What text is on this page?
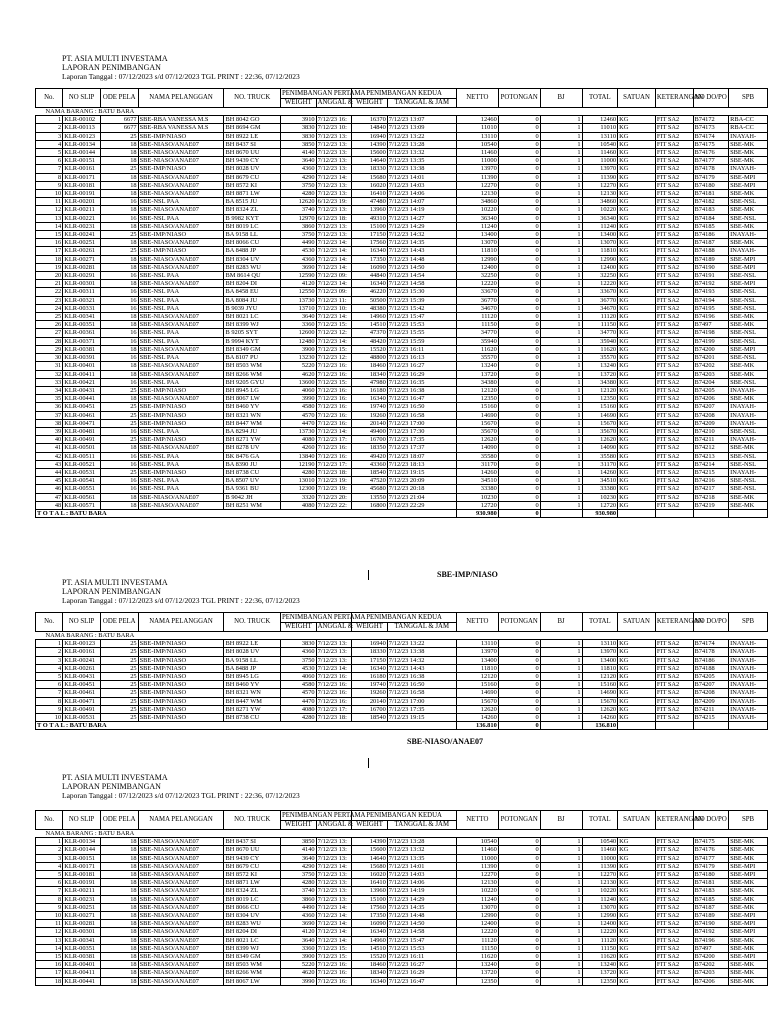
PT. ASIA MULTI INVESTAMA
LAPORAN PENIMBANGAN
Laporan Tanggal : 07/12/2023 s/d 07/12/2023 TGL PRINT : 22:36, 07/12/2023
No.	NO SLIP	ODE PELA	NAMA PELANGGAN	NO. TRUCK	PENIMBANGAN PERTAMA		PENIMBANGAN KEDUA		NETTO	POTONGAN	BJ	TOTAL	SATUAN	KETERANGAN	NO DO/PO	SPB
					WEIGHT	ANGGAL &	WEIGHT	TANGGAL & JAM								
NAMA BARANG : BATU BARA																
1	KLR-00102	6677	SBE-RBA VANESSA M.S	BH 8042 GO	3910	7/12/23 16:	16370	7/12/23 13:07	12460	0	1	12460	KG	FIT SA2	B74172	RBA-CC
2	KLR-00113	6677	SBE-RBA VANESSA M.S	BH 8694 GM	3830	7/12/23 10:	14840	7/12/23 13:09	11010	0	1	11010	KG	FIT SA2	B74173	RBA-CC
3	KLR-00123	25	SBE-IMP/NIASO	BH 8922 LE	3830	7/12/23 13:	16940	7/12/23 13:22	13110	0	1	13110	KG	FIT SA2	B74174	INAYAH-
4	KLR-00134	18	SBE-NIASO/ANAE07	BH 8437 SI	3850	7/12/23 13:	14390	7/12/23 13:28	10540	0	1	10540	KG	FIT SA2	B74175	SBE-MK
5	KLR-00144	18	SBE-NIASO/ANAE07	BH 8670 UU	4140	7/12/23 13:	15600	7/12/23 13:32	11460	0	1	11460	KG	FIT SA2	B74176	SBE-MK
6	KLR-00151	18	SBE-NIASO/ANAE07	BH 9439 CY	3640	7/12/23 13:	14640	7/12/23 13:35	11000	0	1	11000	KG	FIT SA2	B74177	SBE-MK
7	KLR-00161	25	SBE-IMP/NIASO	BH 8028 UV	4360	7/12/23 13:	18330	7/12/23 13:38	13970	0	1	13970	KG	FIT SA2	B74178	INAYAH-
8	KLR-00171	18	SBE-NIASO/ANAE07	BH 8679 CU	4290	7/12/23 14:	15680	7/12/23 14:01	11390	0	1	11390	KG	FIT SA2	B74179	SBE-MPI
9	KLR-00181	18	SBE-NIASO/ANAE07	BH 8572 KI	3750	7/12/23 13:	16020	7/12/23 14:03	12270	0	1	12270	KG	FIT SA2	B74180	SBE-MPI
10	KLR-00191	18	SBE-NIASO/ANAE07	BH 8871 LW	4280	7/12/23 13:	16410	7/12/23 14:06	12130	0	1	12130	KG	FIT SA2	B74181	SBE-MK
11	KLR-00201	16	SBE-NSL PAA	BA 8515 JU	12620	6/12/23 19:	47480	7/12/23 14:07	34860	0	1	34860	KG	FIT SA2	B74182	SBE-NSL
12	KLR-00211	18	SBE-NIASO/ANAE07	BH 8324 ZL	3740	7/12/23 13:	13960	7/12/23 14:19	10220	0	1	10220	KG	FIT SA2	B74183	SBE-MK
13	KLR-00221	16	SBE-NSL PAA	B 9982 KYT	12970	6/12/23 18:	49310	7/12/23 14:27	36340	0	1	36340	KG	FIT SA2	B74184	SBE-NSL
14	KLR-00231	18	SBE-NIASO/ANAE07	BH 8019 LC	3860	7/12/23 13:	15100	7/12/23 14:29	11240	0	1	11240	KG	FIT SA2	B74185	SBE-MK
15	KLR-00241	25	SBE-IMP/NIASO	BA 9158 LL	3750	7/12/23 13:	17150	7/12/23 14:32	13400	0	1	13400	KG	FIT SA2	B74186	INAYAH-
16	KLR-00251	18	SBE-NIASO/ANAE07	BH 8066 CU	4490	7/12/23 14:	17560	7/12/23 14:35	13070	0	1	13070	KG	FIT SA2	B74187	SBE-MK
17	KLR-00261	25	SBE-IMP/NIASO	BA 8488 JP	4530	7/12/23 14:	16340	7/12/23 14:43	11810	0	1	11810	KG	FIT SA2	B74188	INAYAH-
18	KLR-00271	18	SBE-NIASO/ANAE07	BH 8304 UV	4360	7/12/23 14:	17350	7/12/23 14:48	12990	0	1	12990	KG	FIT SA2	B74189	SBE-MPI
19	KLR-00281	18	SBE-NIASO/ANAE07	BH 8283 WU	3690	7/12/23 14:	16090	7/12/23 14:50	12400	0	1	12400	KG	FIT SA2	B74190	SBE-MPI
20	KLR-00291	16	SBE-NSL PAA	BM 8614 QU	12590	7/12/23 09:	44840	7/12/23 14:54	32250	0	1	32250	KG	FIT SA2	B74191	SBE-NSL
21	KLR-00301	18	SBE-NIASO/ANAE07	BH 8204 DI	4120	7/12/23 14:	16340	7/12/23 14:58	12220	0	1	12220	KG	FIT SA2	B74192	SBE-MPI
22	KLR-00311	16	SBE-NSL PAA	BA 8458 EU	12550	7/12/23 09:	46220	7/12/23 15:30	33670	0	1	33670	KG	FIT SA2	B74193	SBE-NSL
23	KLR-00321	16	SBE-NSL PAA	BA 8084 JU	13730	7/12/23 11:	50500	7/12/23 15:39	36770	0	1	36770	KG	FIT SA2	B74194	SBE-NSL
24	KLR-00331	16	SBE-NSL PAA	B 9039 JYU	13710	7/12/23 10:	48380	7/12/23 15:42	34670	0	1	34670	KG	FIT SA2	B74195	SBE-NSL
25	KLR-00341	18	SBE-NIASO/ANAE07	BH 8021 LC	3640	7/12/23 14:	14960	7/12/23 15:47	11120	0	1	11120	KG	FIT SA2	B74196	SBE-MK
26	KLR-00351	18	SBE-NIASO/ANAE07	BH 8399 WJ	3360	7/12/23 15:	14510	7/12/23 15:53	11150	0	1	11150	KG	FIT SA2	B7497	SBE-MK
27	KLR-00361	16	SBE-NSL PAA	B 9205 SYT	12600	7/12/23 12:	47370	7/12/23 15:55	34770	0	1	34770	KG	FIT SA2	B74198	SBE-NSL
28	KLR-00371	16	SBE-NSL PAA	B 9994 KYT	12480	7/12/23 14:	48420	7/12/23 15:59	35940	0	1	35940	KG	FIT SA2	B74199	SBE-NSL
29	KLR-00381	18	SBE-NIASO/ANAE07	BH 8349 GM	3900	7/12/23 15:	15520	7/12/23 16:11	11620	0	1	11620	KG	FIT SA2	B74200	SBE-MPI
30	KLR-00391	16	SBE-NSL PAA	BA 8107 PU	13230	7/12/23 12:	48800	7/12/23 16:13	35570	0	1	35570	KG	FIT SA2	B74201	SBE-NSL
31	KLR-00401	18	SBE-NIASO/ANAE07	BH 8503 WM	5220	7/12/23 16:	18460	7/12/23 16:27	13240	0	1	13240	KG	FIT SA2	B74202	SBE-MK
32	KLR-00411	18	SBE-NIASO/ANAE07	BH 8266 WM	4620	7/12/23 16:	18340	7/12/23 16:29	13720	0	1	13720	KG	FIT SA2	B74203	SBE-MK
33	KLR-00421	16	SBE-NSL PAA	BH 9205 GYU	13600	7/12/23 15:	47980	7/12/23 16:35	34380	0	1	34380	KG	FIT SA2	B74204	SBE-NSL
34	KLR-00431	25	SBE-IMP/NIASO	BH 8945 LG	4060	7/12/23 16:	16180	7/12/23 16:38	12120	0	1	12120	KG	FIT SA2	B74205	INAYAH-
35	KLR-00441	18	SBE-NIASO/ANAE07	BH 8067 LW	3990	7/12/23 16:	16340	7/12/23 16:47	12350	0	1	12350	KG	FIT SA2	B74206	SBE-MK
36	KLR-00451	25	SBE-IMP/NIASO	BH 8460 YV	4580	7/12/23 16:	19740	7/12/23 16:50	15160	0	1	15160	KG	FIT SA2	B74207	INAYAH-
37	KLR-00461	25	SBE-IMP/NIASO	BH 8321 WN	4570	7/12/23 16:	19260	7/12/23 16:58	14690	0	1	14690	KG	FIT SA2	B74208	INAYAH-
38	KLR-00471	25	SBE-IMP/NIASO	BH 8447 WM	4470	7/12/23 16:	20140	7/12/23 17:00	15670	0	1	15670	KG	FIT SA2	B74209	INAYAH-
39	KLR-00481	16	SBE-NSL PAA	BA 8294 JU	13730	7/12/23 14:	49400	7/12/23 17:30	35670	0	1	35670	KG	FIT SA2	B74210	SBE-NSL
40	KLR-00491	25	SBE-IMP/NIASO	BH 8271 YW	4080	7/12/23 17:	16700	7/12/23 17:35	12620	0	1	12620	KG	FIT SA2	B74211	INAYAH-
41	KLR-00501	18	SBE-NIASO/ANAE07	BH 8278 UV	4260	7/12/23 16:	18350	7/12/23 17:37	14090	0	1	14090	KG	FIT SA2	B74212	SBE-MK
42	KLR-00511	16	SBE-NSL PAA	BK 8476 GA	13840	7/12/23 16:	49420	7/12/23 18:07	35580	0	1	35580	KG	FIT SA2	B74213	SBE-NSL
43	KLR-00521	16	SBE-NSL PAA	BA 8390 JU	12190	7/12/23 17:	43360	7/12/23 18:13	31170	0	1	31170	KG	FIT SA2	B74214	SBE-NSL
44	KLR-00531	25	SBE-IMP/NIASO	BH 8738 CU	4280	7/12/23 18:	18540	7/12/23 19:15	14260	0	1	14260	KG	FIT SA2	B74215	INAYAH-
45	KLR-00541	16	SBE-NSL PAA	BA 8507 UV	13010	7/12/23 19:	47520	7/12/23 20:09	34510	0	1	34510	KG	FIT SA2	B74216	SBE-NSL
46	KLR-00551	16	SBE-NSL PAA	BA 9361 BU	12300	7/12/23 19:	45680	7/12/23 20:18	33380	0	1	33380	KG	FIT SA2	B74217	SBE-NSL
47	KLR-00561	18	SBE-NIASO/ANAE07	B 9042 JH	3320	7/12/23 20:	13550	7/12/23 21:04	10230	0	1	10230	KG	FIT SA2	B74218	SBE-MK
48	KLR-00571	18	SBE-NIASO/ANAE07	BH 8251 WM	4080	7/12/23 22:	16800	7/12/23 22:29	12720	0	1	12720	KG	FIT SA2	B74219	SBE-MK
T O T A L : BATU BARA									930.980	0		930.980				
SBE-IMP/NIASO
PT. ASIA MULTI INVESTAMA
LAPORAN PENIMBANGAN
Laporan Tanggal : 07/12/2023 s/d 07/12/2023 TGL PRINT : 22:36, 07/12/2023
No.	NO SLIP	ODE PELA	NAMA PELANGGAN	NO. TRUCK	PENIMBANGAN PERTAMA		PENIMBANGAN KEDUA		NETTO	POTONGAN	BJ	TOTAL	SATUAN	KETERANGAN	NO DO/PO	SPB
					WEIGHT	ANGGAL &	WEIGHT	TANGGAL & JAM								
NAMA BARANG : BATU BARA																
1	KLR-00123	25	SBE-IMP/NIASO	BH 8922 LE	3830	7/12/23 13:	16940	7/12/23 13:22	13110	0	1	13110	KG	FIT SA2	B74174	INAYAH-
2	KLR-00161	25	SBE-IMP/NIASO	BH 8028 UV	4360	7/12/23 13:	18330	7/12/23 13:38	13970	0	1	13970	KG	FIT SA2	B74178	INAYAH-
3	KLR-00241	25	SBE-IMP/NIASO	BA 9158 LL	3750	7/12/23 13:	17150	7/12/23 14:32	13400	0	1	13400	KG	FIT SA2	B74186	INAYAH-
4	KLR-00261	25	SBE-IMP/NIASO	BA 8488 JP	4530	7/12/23 14:	16340	7/12/23 14:43	11810	0	1	11810	KG	FIT SA2	B74188	INAYAH-
5	KLR-00431	25	SBE-IMP/NIASO	BH 8945 LG	4060	7/12/23 16:	16180	7/12/23 16:38	12120	0	1	12120	KG	FIT SA2	B74205	INAYAH-
6	KLR-00451	25	SBE-IMP/NIASO	BH 8460 YV	4580	7/12/23 16:	19740	7/12/23 16:50	15160	0	1	15160	KG	FIT SA2	B74207	INAYAH-
7	KLR-00461	25	SBE-IMP/NIASO	BH 8321 WN	4570	7/12/23 16:	19260	7/12/23 16:58	14690	0	1	14690	KG	FIT SA2	B74208	INAYAH-
8	KLR-00471	25	SBE-IMP/NIASO	BH 8447 WM	4470	7/12/23 16:	20140	7/12/23 17:00	15670	0	1	15670	KG	FIT SA2	B74209	INAYAH-
9	KLR-00491	25	SBE-IMP/NIASO	BH 8271 YW	4080	7/12/23 17:	16700	7/12/23 17:35	12620	0	1	12620	KG	FIT SA2	B74211	INAYAH-
10	KLR-00531	25	SBE-IMP/NIASO	BH 8738 CU	4280	7/12/23 18:	18540	7/12/23 19:15	14260	0	1	14260	KG	FIT SA2	B74215	INAYAH-
T O T A L : BATU BARA									136.810	0		136.810				
SBE-NIASO/ANAE07
PT. ASIA MULTI INVESTAMA
LAPORAN PENIMBANGAN
Laporan Tanggal : 07/12/2023 s/d 07/12/2023 TGL PRINT : 22:36, 07/12/2023
No.	NO SLIP	ODE PELA	NAMA PELANGGAN	NO. TRUCK	PENIMBANGAN PERTAMA		PENIMBANGAN KEDUA		NETTO	POTONGAN	BJ	TOTAL	SATUAN	KETERANGAN	NO DO/PO	SPB
					WEIGHT	ANGGAL &	WEIGHT	TANGGAL & JAM								
NAMA BARANG : BATU BARA																
1	KLR-00134	18	SBE-NIASO/ANAE07	BH 8437 SI	3850	7/12/23 13:	14390	7/12/23 13:28	10540	0	1	10540	KG	FIT SA2	B74175	SBE-MK
2	KLR-00144	18	SBE-NIASO/ANAE07	BH 8670 UU	4140	7/12/23 13:	15600	7/12/23 13:32	11460	0	1	11460	KG	FIT SA2	B74176	SBE-MK
3	KLR-00151	18	SBE-NIASO/ANAE07	BH 9439 CY	3640	7/12/23 13:	14640	7/12/23 13:35	11000	0	1	11000	KG	FIT SA2	B74177	SBE-MK
4	KLR-00171	18	SBE-NIASO/ANAE07	BH 8679 CU	4290	7/12/23 14:	15680	7/12/23 14:01	11390	0	1	11390	KG	FIT SA2	B74179	SBE-MPI
5	KLR-00181	18	SBE-NIASO/ANAE07	BH 8572 KI	3750	7/12/23 13:	16020	7/12/23 14:03	12270	0	1	12270	KG	FIT SA2	B74180	SBE-MPI
6	KLR-00191	18	SBE-NIASO/ANAE07	BH 8871 LW	4280	7/12/23 13:	16410	7/12/23 14:06	12130	0	1	12130	KG	FIT SA2	B74181	SBE-MK
7	KLR-00211	18	SBE-NIASO/ANAE07	BH 8324 ZL	3740	7/12/23 13:	13960	7/12/23 14:19	10220	0	1	10220	KG	FIT SA2	B74183	SBE-MK
8	KLR-00231	18	SBE-NIASO/ANAE07	BH 8019 LC	3860	7/12/23 13:	15100	7/12/23 14:29	11240	0	1	11240	KG	FIT SA2	B74185	SBE-MK
9	KLR-00251	18	SBE-NIASO/ANAE07	BH 8066 CU	4490	7/12/23 14:	17560	7/12/23 14:35	13070	0	1	13070	KG	FIT SA2	B74187	SBE-MK
10	KLR-00271	18	SBE-NIASO/ANAE07	BH 8304 UV	4360	7/12/23 14:	17350	7/12/23 14:48	12990	0	1	12990	KG	FIT SA2	B74189	SBE-MPI
11	KLR-00281	18	SBE-NIASO/ANAE07	BH 8283 WU	3690	7/12/23 14:	16090	7/12/23 14:50	12400	0	1	12400	KG	FIT SA2	B74190	SBE-MPI
12	KLR-00301	18	SBE-NIASO/ANAE07	BH 8204 DI	4120	7/12/23 14:	16340	7/12/23 14:58	12220	0	1	12220	KG	FIT SA2	B74192	SBE-MPI
13	KLR-00341	18	SBE-NIASO/ANAE07	BH 8021 LC	3640	7/12/23 14:	14960	7/12/23 15:47	11120	0	1	11120	KG	FIT SA2	B74196	SBE-MK
14	KLR-00351	18	SBE-NIASO/ANAE07	BH 8399 WJ	3360	7/12/23 15:	14510	7/12/23 15:53	11150	0	1	11150	KG	FIT SA2	B7497	SBE-MK
15	KLR-00381	18	SBE-NIASO/ANAE07	BH 8349 GM	3900	7/12/23 15:	15520	7/12/23 16:11	11620	0	1	11620	KG	FIT SA2	B74200	SBE-MPI
16	KLR-00401	18	SBE-NIASO/ANAE07	BH 8503 WM	5220	7/12/23 16:	18460	7/12/23 16:27	13240	0	1	13240	KG	FIT SA2	B74202	SBE-MK
17	KLR-00411	18	SBE-NIASO/ANAE07	BH 8266 WM	4620	7/12/23 16:	18340	7/12/23 16:29	13720	0	1	13720	KG	FIT SA2	B74203	SBE-MK
18	KLR-00441	18	SBE-NIASO/ANAE07	BH 8067 LW	3990	7/12/23 16:	16340	7/12/23 16:47	12350	0	1	12350	KG	FIT SA2	B74206	SBE-MK
